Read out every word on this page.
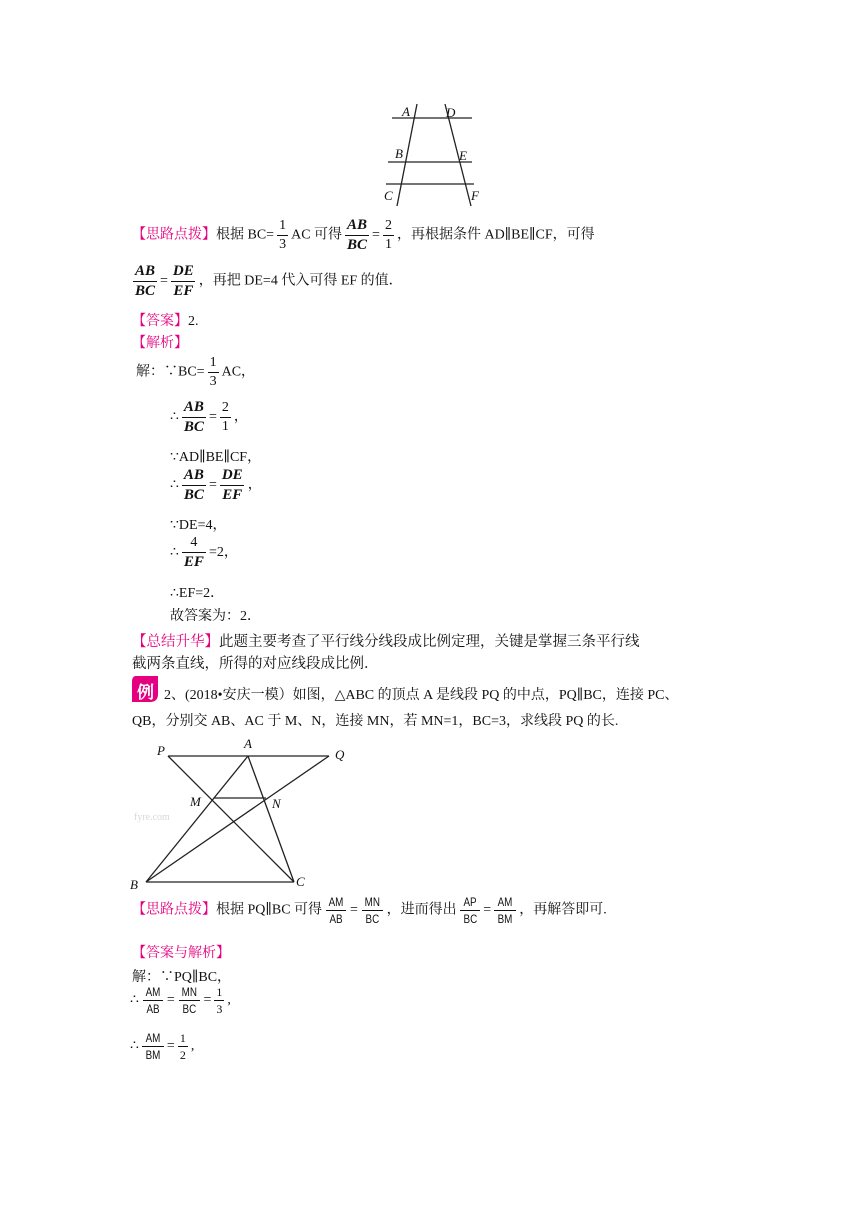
A	D
B	E
C	F
【思路点拨】根据 $BC= \frac{1}{3}$ AC 可得 $\frac{AB}{BC} = \frac{2}{1}$ ，再根据条件 AD∥BE∥CF，可得
$\frac{AB}{BC} = \frac{DE}{EF}$ ，再把 DE=4 代入可得 EF 的值．
【答案】2.
【解析】
解：∵BC= $\frac{1}{3}$ AC，
∴ $\frac{AB}{BC} = \frac{2}{1}$ ，
∵AD∥BE∥CF，
∴ $\frac{AB}{BC} = \frac{DE}{EF}$ ，
∵DE=4，
∴ $\frac{4}{EF} =2$，
∴EF=2．
故答案为：2．
【总结升华】此题主要考查了平行线分线段成比例定理，关键是掌握三条平行线
截两条直线，所得的对应线段成比例．
例 2、(2018•安庆一模）如图，△ABC 的顶点 A 是线段 PQ 的中点，PQ∥BC，连接 PC、
QB，分别交 AB、AC 于 M、N，连接 MN，若 MN=1，BC=3，求线段 PQ 的长.
fyre.com
P	A
Q
M	N
B	C
【思路点拨】根据 PQ∥BC 可得 $\frac{AM}{AB} = \frac{MN}{BC}$ ，进而得出 $\frac{AP}{BC} = \frac{AM}{BM}$ ，再解答即可.
【答案与解析】
解：∵PQ∥BC，
∴ $\frac{AM}{AB} = \frac{MN}{BC} = \frac{1}{3}$ ,
∴ $\frac{AM}{BM} = \frac{1}{2}$ ,
